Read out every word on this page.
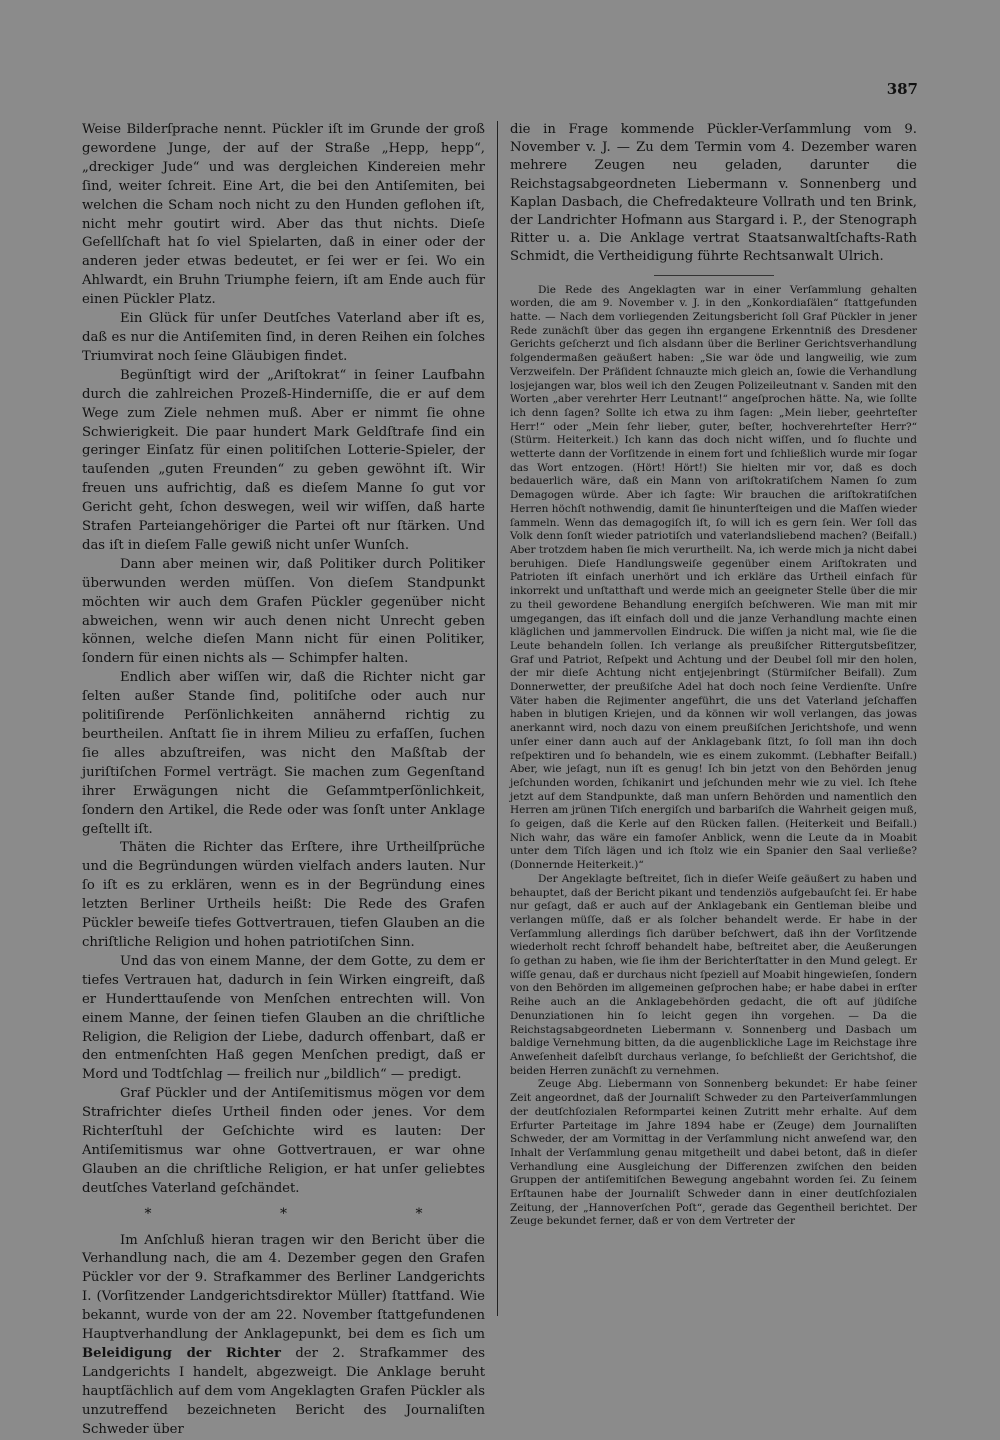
387

Weise Bilderſprache nennt. Pückler iſt im Grunde der groß gewordene Junge, der auf der Straße „Hepp, hepp“, „dreckiger Jude“ und was dergleichen Kindereien mehr ſind, weiter ſchreit. Eine Art, die bei den Antiſemiten, bei welchen die Scham noch nicht zu den Hunden geflohen iſt, nicht mehr goutirt wird. Aber das thut nichts. Dieſe Geſellſchaft hat ſo viel Spielarten, daß in einer oder der anderen jeder etwas bedeutet, er ſei wer er ſei. Wo ein Ahlwardt, ein Bruhn Triumphe feiern, iſt am Ende auch für einen Pückler Platz.

Ein Glück für unſer Deutſches Vaterland aber iſt es, daß es nur die Antiſemiten ſind, in deren Reihen ein ſolches Triumvirat noch ſeine Gläubigen findet.

Begünſtigt wird der „Ariſtokrat“ in ſeiner Laufbahn durch die zahlreichen Prozeß-Hinderniſſe, die er auf dem Wege zum Ziele nehmen muß. Aber er nimmt ſie ohne Schwierigkeit. Die paar hundert Mark Geldſtrafe ſind ein geringer Einſatz für einen politiſchen Lotterie-Spieler, der tauſenden „guten Freunden“ zu geben gewöhnt iſt. Wir freuen uns aufrichtig, daß es dieſem Manne ſo gut vor Gericht geht, ſchon deswegen, weil wir wiſſen, daß harte Strafen Parteiangehöriger die Partei oft nur ſtärken. Und das iſt in dieſem Falle gewiß nicht unſer Wunſch.

Dann aber meinen wir, daß Politiker durch Politiker überwunden werden müſſen. Von dieſem Standpunkt möchten wir auch dem Grafen Pückler gegenüber nicht abweichen, wenn wir auch denen nicht Unrecht geben können, welche dieſen Mann nicht für einen Politiker, ſondern für einen nichts als — Schimpfer halten.

Endlich aber wiſſen wir, daß die Richter nicht gar ſelten außer Stande ſind, politiſche oder auch nur politiſirende Perſönlichkeiten annähernd richtig zu beurtheilen. Anſtatt ſie in ihrem Milieu zu erfaſſen, ſuchen ſie alles abzuſtreifen, was nicht den Maßſtab der juriſtiſchen Formel verträgt. Sie machen zum Gegenſtand ihrer Erwägungen nicht die Geſammtperſönlichkeit, ſondern den Artikel, die Rede oder was ſonſt unter Anklage geſtellt iſt.

Thäten die Richter das Erſtere, ihre Urtheilſprüche und die Begründungen würden vielfach anders lauten. Nur ſo iſt es zu erklären, wenn es in der Begründung eines letzten Berliner Urtheils heißt: Die Rede des Grafen Pückler beweiſe tiefes Gottvertrauen, tiefen Glauben an die chriſtliche Religion und hohen patriotiſchen Sinn.

Und das von einem Manne, der dem Gotte, zu dem er tiefes Vertrauen hat, dadurch in ſein Wirken eingreift, daß er Hunderttauſende von Menſchen entrechten will. Von einem Manne, der ſeinen tiefen Glauben an die chriſtliche Religion, die Religion der Liebe, dadurch offenbart, daß er den entmenſchten Haß gegen Menſchen predigt, daß er Mord und Todtſchlag — freilich nur „bildlich“ — predigt.

Graf Pückler und der Antiſemitismus mögen vor dem Strafrichter dieſes Urtheil finden oder jenes. Vor dem Richterſtuhl der Geſchichte wird es lauten: Der Antiſemitismus war ohne Gottvertrauen, er war ohne Glauben an die chriſtliche Religion, er hat unſer geliebtes deutſches Vaterland geſchändet.

* * *

Im Anſchluß hieran tragen wir den Bericht über die Verhandlung nach, die am 4. Dezember gegen den Grafen Pückler vor der 9. Strafkammer des Berliner Landgerichts I. (Vorſitzender Landgerichtsdirektor Müller) ſtattfand. Wie bekannt, wurde von der am 22. November ſtattgefundenen Hauptverhandlung der Anklagepunkt, bei dem es ſich um Beleidigung der Richter der 2. Strafkammer des Landgerichts I handelt, abgezweigt. Die Anklage beruht hauptſächlich auf dem vom Angeklagten Grafen Pückler als unzutreffend bezeichneten Bericht des Journaliſten Schweder über

die in Frage kommende Pückler-Verſammlung vom 9. November v. J. — Zu dem Termin vom 4. Dezember waren mehrere Zeugen neu geladen, darunter die Reichstagsabgeordneten Liebermann v. Sonnenberg und Kaplan Dasbach, die Chefredakteure Vollrath und ten Brink, der Landrichter Hofmann aus Stargard i. P., der Stenograph Ritter u. a. Die Anklage vertrat Staatsanwaltſchafts-Rath Schmidt, die Vertheidigung führte Rechtsanwalt Ulrich.

Die Rede des Angeklagten war in einer Verſammlung gehalten worden, die am 9. November v. J. in den „Konkordiaſälen“ ſtattgefunden hatte. — Nach dem vorliegenden Zeitungsbericht ſoll Graf Pückler in jener Rede zunächſt über das gegen ihn ergangene Erkenntniß des Dresdener Gerichts geſcherzt und ſich alsdann über die Berliner Gerichtsverhandlung folgendermaßen geäußert haben: „Sie war öde und langweilig, wie zum Verzweifeln. Der Präſident ſchnauzte mich gleich an, ſowie die Verhandlung losjejangen war, blos weil ich den Zeugen Polizeileutnant v. Sanden mit den Worten „aber verehrter Herr Leutnant!“ angeſprochen hätte. Na, wie ſollte ich denn ſagen? Sollte ich etwa zu ihm ſagen: „Mein lieber, geehrteſter Herr!“ oder „Mein ſehr lieber, guter, beſter, hochverehrteſter Herr?“ (Stürm. Heiterkeit.) Ich kann das doch nicht wiſſen, und ſo fluchte und wetterte dann der Vorſitzende in einem fort und ſchließlich wurde mir ſogar das Wort entzogen. (Hört! Hört!) Sie hielten mir vor, daß es doch bedauerlich wäre, daß ein Mann von ariſtokratiſchem Namen ſo zum Demagogen würde. Aber ich ſagte: Wir brauchen die ariſtokratiſchen Herren höchſt nothwendig, damit ſie hinunterſteigen und die Maſſen wieder ſammeln. Wenn das demagogiſch iſt, ſo will ich es gern ſein. Wer ſoll das Volk denn ſonſt wieder patriotiſch und vaterlandsliebend machen? (Beifall.) Aber trotzdem haben ſie mich verurtheilt. Na, ich werde mich ja nicht dabei beruhigen. Dieſe Handlungsweiſe gegenüber einem Ariſtokraten und Patrioten iſt einfach unerhört und ich erkläre das Urtheil einfach für inkorrekt und unſtatthaft und werde mich an geeigneter Stelle über die mir zu theil gewordene Behandlung energiſch beſchweren. Wie man mit mir umgegangen, das iſt einfach doll und die janze Verhandlung machte einen kläglichen und jammervollen Eindruck. Die wiſſen ja nicht mal, wie ſie die Leute behandeln ſollen. Ich verlange als preußiſcher Rittergutsbeſitzer, Graf und Patriot, Reſpekt und Achtung und der Deubel ſoll mir den holen, der mir dieſe Achtung nicht entjejenbringt (Stürmiſcher Beifall). Zum Donnerwetter, der preußiſche Adel hat doch noch ſeine Verdienſte. Unſre Väter haben die Rejimenter angeführt, die uns det Vaterland jeſchaffen haben in blutigen Kriejen, und da können wir woll verlangen, das jowas anerkannt wird, noch dazu von einem preußiſchen Jerichtshofe, und wenn unſer einer dann auch auf der Anklagebank ſitzt, ſo ſoll man ihn doch reſpektiren und ſo behandeln, wie es einem zukommt. (Lebhafter Beifall.) Aber, wie jeſagt, nun iſt es genug! Ich bin jetzt von den Behörden jenug jeſchunden worden, ſchikanirt und jeſchunden mehr wie zu viel. Ich ſtehe jetzt auf dem Standpunkte, daß man unſern Behörden und namentlich den Herren am jrünen Tiſch energiſch und barbariſch die Wahrheit geigen muß, ſo geigen, daß die Kerle auf den Rücken fallen. (Heiterkeit und Beifall.) Nich wahr, das wäre ein famoſer Anblick, wenn die Leute da in Moabit unter dem Tiſch lägen und ich ſtolz wie ein Spanier den Saal verließe? (Donnernde Heiterkeit.)“

Der Angeklagte beſtreitet, ſich in dieſer Weiſe geäußert zu haben und behauptet, daß der Bericht pikant und tendenziös aufgebauſcht ſei. Er habe nur geſagt, daß er auch auf der Anklagebank ein Gentleman bleibe und verlangen müſſe, daß er als ſolcher behandelt werde. Er habe in der Verſammlung allerdings ſich darüber beſchwert, daß ihn der Vorſitzende wiederholt recht ſchroff behandelt habe, beſtreitet aber, die Aeußerungen ſo gethan zu haben, wie ſie ihm der Berichterſtatter in den Mund gelegt. Er wiſſe genau, daß er durchaus nicht ſpeziell auf Moabit hingewieſen, ſondern von den Behörden im allgemeinen geſprochen habe; er habe dabei in erſter Reihe auch an die Anklagebehörden gedacht, die oft auf jüdiſche Denunziationen hin ſo leicht gegen ihn vorgehen. — Da die Reichstagsabgeordneten Liebermann v. Sonnenberg und Dasbach um baldige Vernehmung bitten, da die augenblickliche Lage im Reichstage ihre Anweſenheit daſelbſt durchaus verlange, ſo beſchließt der Gerichtshof, die beiden Herren zunächſt zu vernehmen.

Zeuge Abg. Liebermann von Sonnenberg bekundet: Er habe ſeiner Zeit angeordnet, daß der Journaliſt Schweder zu den Parteiverſammlungen der deutſchſozialen Reformpartei keinen Zutritt mehr erhalte. Auf dem Erfurter Parteitage im Jahre 1894 habe er (Zeuge) dem Journaliſten Schweder, der am Vormittag in der Verſammlung nicht anweſend war, den Inhalt der Verſammlung genau mitgetheilt und dabei betont, daß in dieſer Verhandlung eine Ausgleichung der Differenzen zwiſchen den beiden Gruppen der antiſemitiſchen Bewegung angebahnt worden ſei. Zu ſeinem Erſtaunen habe der Journaliſt Schweder dann in einer deutſchſozialen Zeitung, der „Hannoverſchen Poſt“, gerade das Gegentheil berichtet. Der Zeuge bekundet ferner, daß er von dem Vertreter der
